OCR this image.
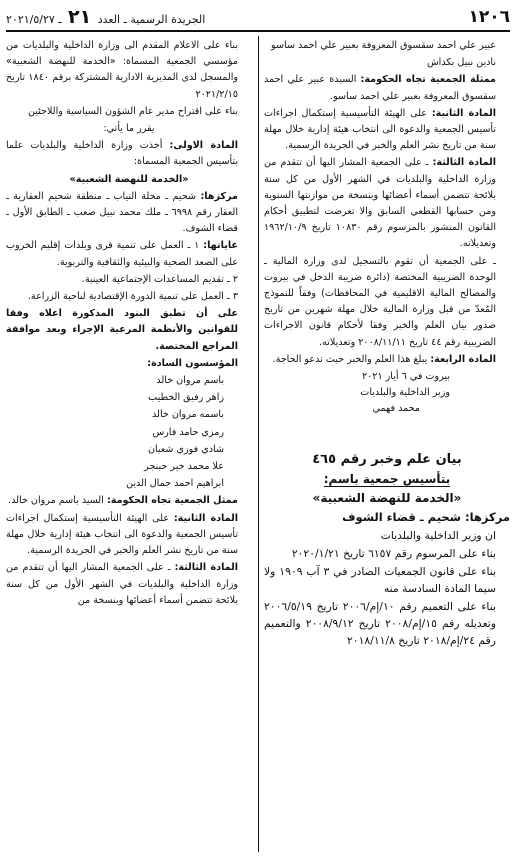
١٢٠٦
الجريدة الرسمية ـ العدد ٢١ ـ ٢٠٢١/٥/٢٧

عبير علي احمد سقسوق المعروفة بعبير علي احمد ساسو

نادين نبيل بكداش

ممثلة الجمعية تجاه الحكومة: السيدة عبير علي احمد سقسوق المعروفة بعبير علي احمد ساسو.

المادة الثانية: على الهيئة التأسيسية إستكمال اجراءات تأسيس الجمعية والدعوة الى انتخاب هيئة إدارية خلال مهلة سنة من تاريخ نشر العلم والخبر في الجريدة الرسمية.

المادة الثالثة: ـ على الجمعية المشار اليها أن تتقدم من وزارة الداخلية والبلديات في الشهر الأول من كل سنة بلائحة تتضمن أسماء أعضائها وبنسخة من موازنتها السنوية ومن حسابها القطعي السابق والا تعرضت لتطبيق أحكام القانون المنشور بالمرسوم رقم ١٠٨٣٠ تاريخ ١٩٦٢/١٠/٩ وتعديلاته.

ـ على الجمعية أن تقوم بالتسجيل لدى وزارة المالية ـ الوحدة الضريبية المختصة (دائرة ضريبة الدخل في بيروت والمصالح المالية الاقليمية في المحافظات) وفقاً للنموذج المُعدّ من قبل وزارة المالية خلال مهلة شهرين من تاريخ صدور بيان العلم والخبر وفقا لأحكام قانون الاجراءات الضريبية رقم ٤٤ تاريخ ٢٠٠٨/١١/١١ وتعديلاته.

المادة الرابعة: يبلغ هذا العلم والخبر حيث تدعو الحاجة.

بيروت في ٦ أيار ٢٠٢١

وزير الداخلية والبلديات

محمد فهمي

بيان علم وخبر رقم ٤٦٥

بتأسيس جمعية باسم:

«الخدمة للنهضة الشعبية»

مركزها: شحيم ـ قضاء الشوف

ان وزير الداخلية والبلديات

بناء على المرسوم رقم ٦١٥٧ تاريخ ٢٠٢٠/١/٢١

بناء على قانون الجمعيات الصادر في ٣ آب ١٩٠٩ ولا سيما المادة السادسة منه

بناء على التعميم رقم ١٠/إم/٢٠٠٦ تاريخ ٢٠٠٦/٥/١٩ وتعديله رقم ١٥/إم/٢٠٠٨ تاريخ ٢٠٠٨/٩/١٢ والتعميم رقم ٢٤/إم/٢٠١٨ تاريخ ٢٠١٨/١١/٨

بناء على الاعلام المقدم الى وزارة الداخلية والبلديات من مؤسسي الجمعية المسماة: «الخدمة للنهضة الشعبية» والمسجل لدى المديرية الادارية المشتركة برقم ١٨٤٠ تاريخ ٢٠٢١/٢/١٥

بناء على اقتراح مدير عام الشؤون السياسية واللاجئين

يقرر ما يأتي:

المادة الاولى: أخذت وزارة الداخلية والبلديات علما بتأسيس الجمعية المسماة:

«الخدمة للنهضة الشعبية»

مركزها: شحيم ـ محلة التياب ـ منطقة شحيم العقارية ـ العقار رقم ٦٩٩٨ ـ ملك محمد نبيل صعب ـ الطابق الأول ـ قضاء الشوف.

غاياتها: ١ ـ العمل على تنمية قرى وبلدات إقليم الخروب على الصعد الصحية والبيئية والثقافية والتربوية.

٢ ـ تقديم المساعدات الإجتماعية العينية.

٣ ـ العمل على تنمية الدورة الإقتصادية لناحية الزراعة.

على أن تطبق البنود المذكورة اعلاه وفقا للقوانين والأنظمة المرعية الإجراء وبعد موافقة المراجع المختصة.

المؤسسون السادة:

باسم مروان خالد

زاهر رفيق الخطيب

باسمه مروان خالد

رمزي حامد فارس

شادي فوزي شعبان

علا محمد خير حبنجر

ابراهيم احمد جمال الدين

ممثل الجمعية تجاه الحكومة: السيد باسم مروان خالد.

المادة الثانية: على الهيئة التأسيسية إستكمال اجراءات تأسيس الجمعية والدعوة الى انتخاب هيئة إدارية خلال مهلة سنة من تاريخ نشر العلم والخبر في الجريدة الرسمية.

المادة الثالثة: ـ على الجمعية المشار اليها أن تتقدم من وزارة الداخلية والبلديات في الشهر الأول من كل سنة بلائحة تتضمن أسماء أعضائها وبنسخة من
